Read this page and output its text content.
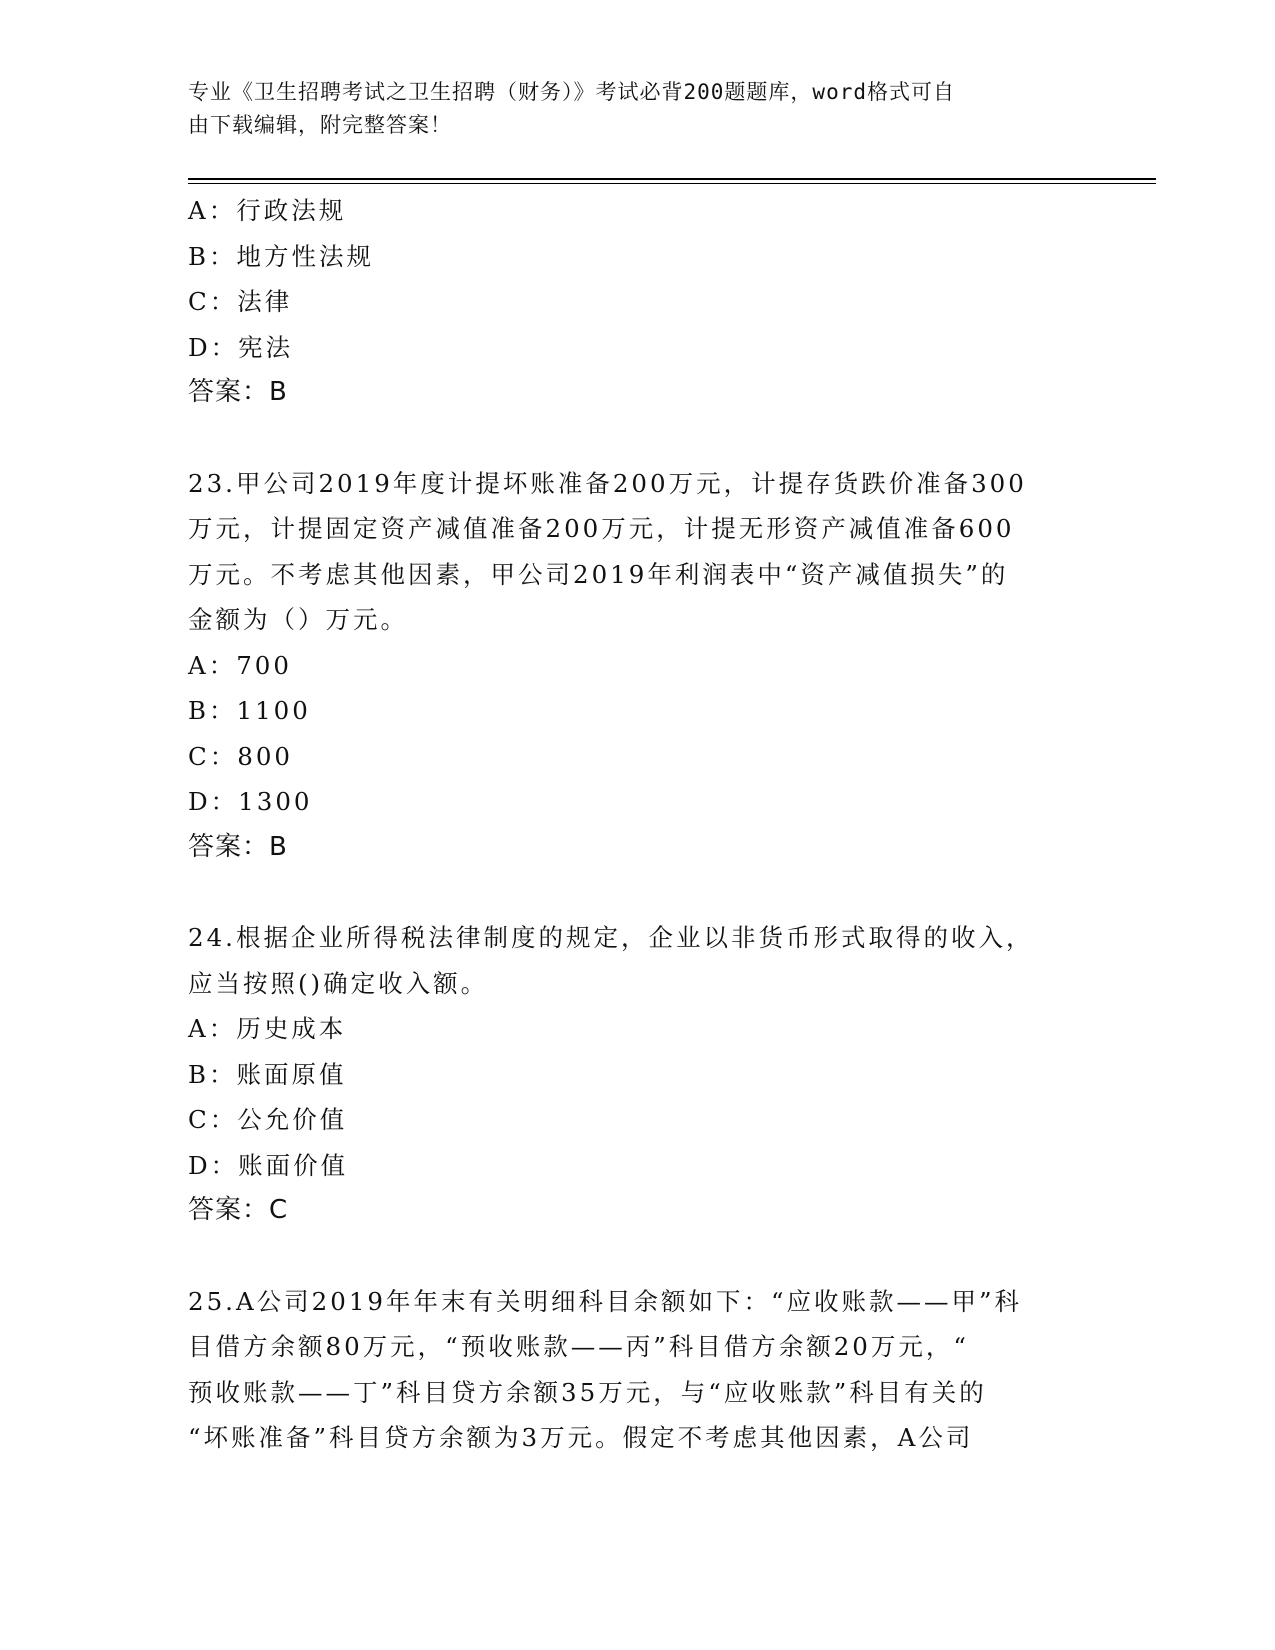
专业《卫生招聘考试之卫生招聘（财务）》考试必背200题题库，word格式可自
由下载编辑，附完整答案！
A：行政法规
B：地方性法规
C：法律
D：宪法
答案：B
23.甲公司2019年度计提坏账准备200万元，计提存货跌价准备300
万元，计提固定资产减值准备200万元，计提无形资产减值准备600
万元。不考虑其他因素，甲公司2019年利润表中“资产减值损失”的
金额为（）万元。
A：700
B：1100
C：800
D：1300
答案：B
24.根据企业所得税法律制度的规定，企业以非货币形式取得的收入，
应当按照()确定收入额。
A：历史成本
B：账面原值
C：公允价值
D：账面价值
答案：C
25.A公司2019年年末有关明细科目余额如下：“应收账款——甲”科
目借方余额80万元，“预收账款——丙”科目借方余额20万元，“
预收账款——丁”科目贷方余额35万元，与“应收账款”科目有关的
“坏账准备”科目贷方余额为3万元。假定不考虑其他因素，A公司
